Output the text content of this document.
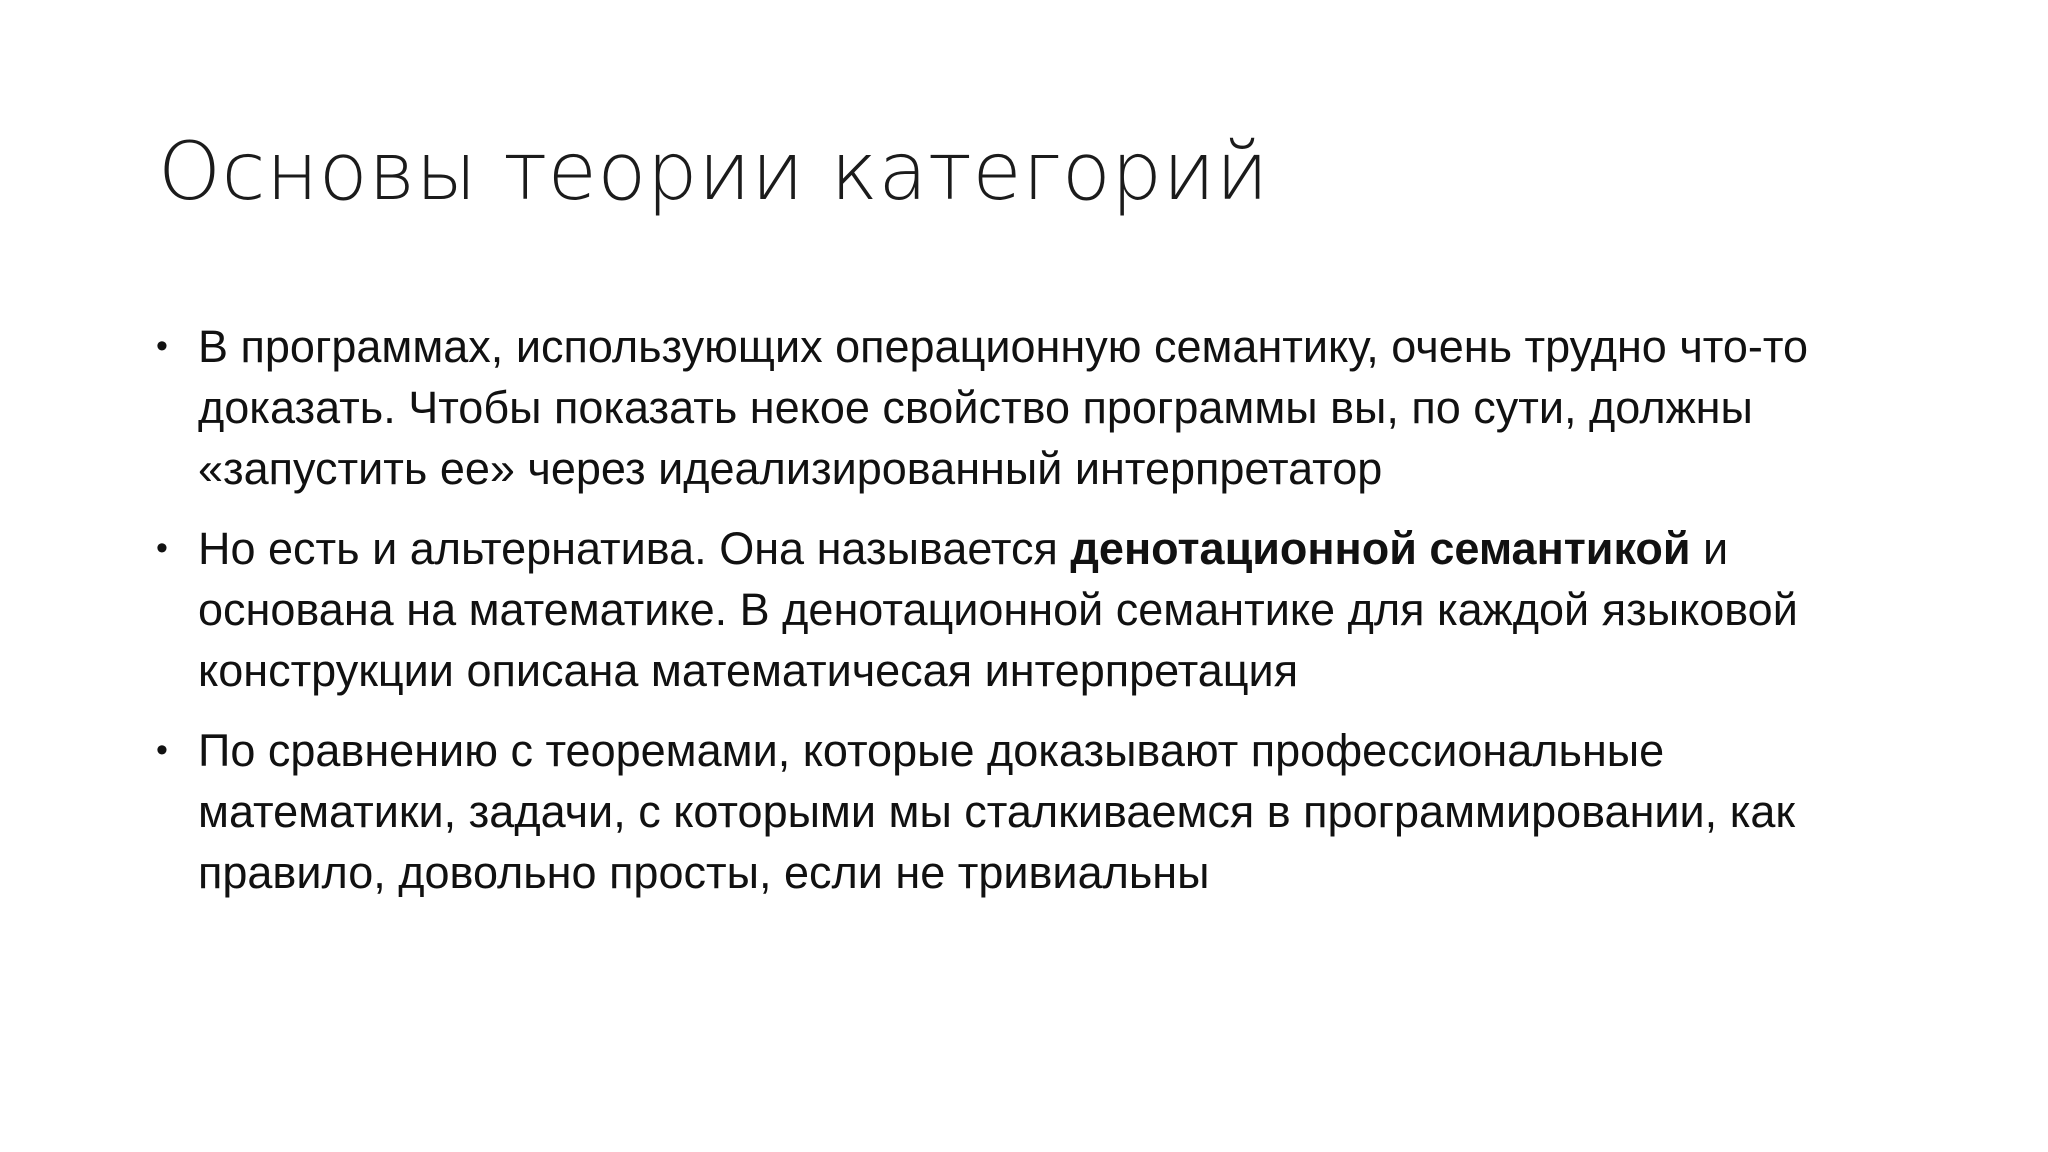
Основы теории категорий
• В программах, использующих операционную семантику, очень трудно что-то доказать. Чтобы показать некое свойство программы вы, по сути, должны «запустить ее» через идеализированный интерпретатор
• Но есть и альтернатива. Она называется денотационной семантикой и основана на математике. В денотационной семантике для каждой языковой конструкции описана математичесая интерпретация
• По сравнению с теоремами, которые доказывают профессиональные математики, задачи, с которыми мы сталкиваемся в программировании, как правило, довольно просты, если не тривиальны
